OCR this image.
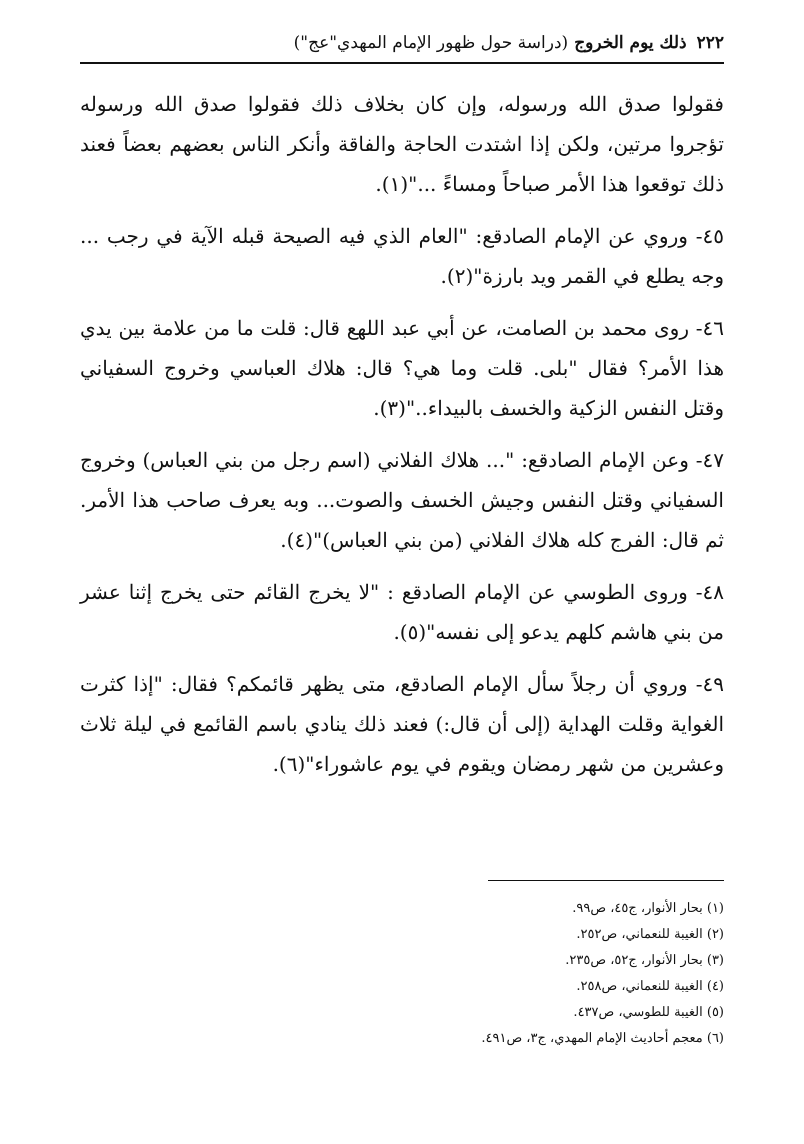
٢٢٢
ذلك يوم الخروج
(دراسة حول ظهور الإمام المهدي"عج")

فقولوا صدق الله ورسوله، وإن كان بخلاف ذلك فقولوا صدق الله ورسوله تؤجروا مرتين، ولكن إذا اشتدت الحاجة والفاقة وأنكر الناس بعضهم بعضاً فعند ذلك توقعوا هذا الأمر صباحاً ومساءً ..."(١).

٤٥- وروي عن الإمام الصادقع: "العام الذي فيه الصيحة قبله الآية في رجب ... وجه يطلع في القمر ويد بارزة"(٢).

٤٦- روى محمد بن الصامت، عن أبي عبد اللهع قال: قلت ما من علامة بين يدي هذا الأمر؟ فقال "بلى. قلت وما هي؟ قال: هلاك العباسي وخروج السفياني وقتل النفس الزكية والخسف بالبيداء.."(٣).

٤٧- وعن الإمام الصادقع: "... هلاك الفلاني (اسم رجل من بني العباس) وخروج السفياني وقتل النفس وجيش الخسف والصوت... وبه يعرف صاحب هذا الأمر. ثم قال: الفرج كله هلاك الفلاني (من بني العباس)"(٤).

٤٨- وروى الطوسي عن الإمام الصادقع : "لا يخرج القائم حتى يخرج إثنا عشر من بني هاشم كلهم يدعو إلى نفسه"(٥).

٤٩- وروي أن رجلاً سأل الإمام الصادقع، متى يظهر قائمكم؟ فقال: "إذا كثرت الغواية وقلت الهداية (إلى أن قال:) فعند ذلك ينادي باسم القائمع في ليلة ثلاث وعشرين من شهر رمضان ويقوم في يوم عاشوراء"(٦).

(١) بحار الأنوار، ج٤٥، ص٩٩.
(٢) الغيبة للنعماني، ص٢٥٢.
(٣) بحار الأنوار، ج٥٢، ص٢٣٥.
(٤) الغيبة للنعماني، ص٢٥٨.
(٥) الغيبة للطوسي، ص٤٣٧.
(٦) معجم أحاديث الإمام المهدي، ج٣، ص٤٩١.
